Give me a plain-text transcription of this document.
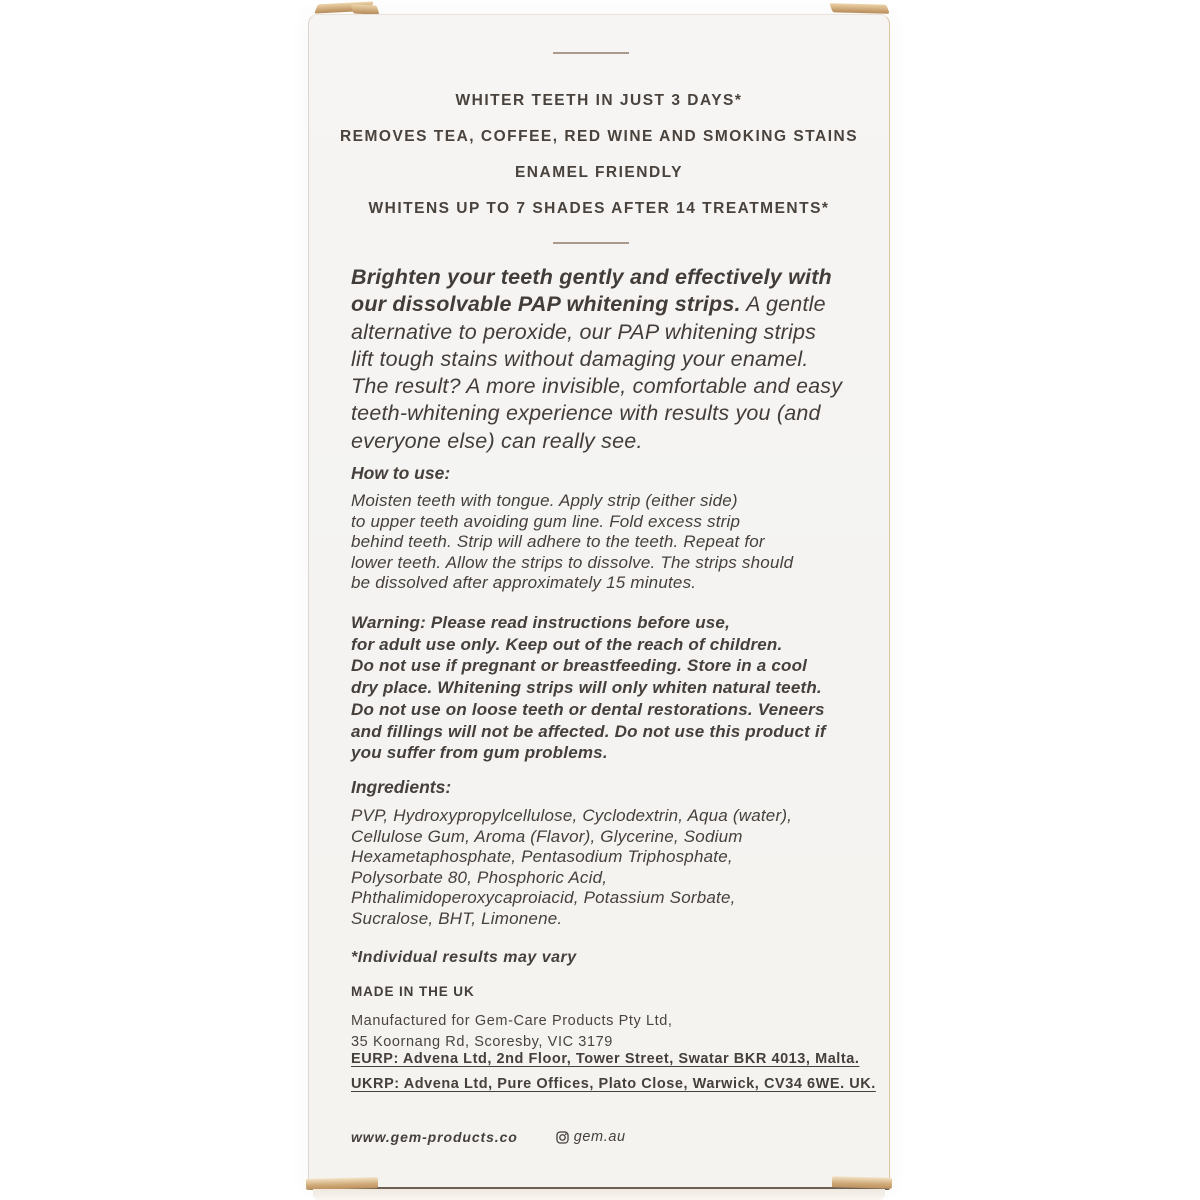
WHITER TEETH IN JUST 3 DAYS*
REMOVES TEA, COFFEE, RED WINE AND SMOKING STAINS
ENAMEL FRIENDLY
WHITENS UP TO 7 SHADES AFTER 14 TREATMENTS*
Brighten your teeth gently and effectively with
our dissolvable PAP whitening strips. A gentle
alternative to peroxide, our PAP whitening strips
lift tough stains without damaging your enamel.
The result? A more invisible, comfortable and easy
teeth-whitening experience with results you (and
everyone else) can really see.
How to use:
Moisten teeth with tongue. Apply strip (either side)
to upper teeth avoiding gum line. Fold excess strip
behind teeth. Strip will adhere to the teeth. Repeat for
lower teeth. Allow the strips to dissolve. The strips should
be dissolved after approximately 15 minutes.
Warning: Please read instructions before use,
for adult use only. Keep out of the reach of children.
Do not use if pregnant or breastfeeding. Store in a cool
dry place. Whitening strips will only whiten natural teeth.
Do not use on loose teeth or dental restorations. Veneers
and fillings will not be affected. Do not use this product if
you suffer from gum problems.
Ingredients:
PVP, Hydroxypropylcellulose, Cyclodextrin, Aqua (water),
Cellulose Gum, Aroma (Flavor), Glycerine, Sodium
Hexametaphosphate, Pentasodium Triphosphate,
Polysorbate 80, Phosphoric Acid,
Phthalimidoperoxycaproiacid, Potassium Sorbate,
Sucralose, BHT, Limonene.
*Individual results may vary
MADE IN THE UK
Manufactured for Gem-Care Products Pty Ltd,
35 Koornang Rd, Scoresby, VIC 3179
EURP: Advena Ltd, 2nd Floor, Tower Street, Swatar BKR 4013, Malta.
UKRP: Advena Ltd, Pure Offices, Plato Close, Warwick, CV34 6WE. UK.
www.gem-products.co	gem.au
